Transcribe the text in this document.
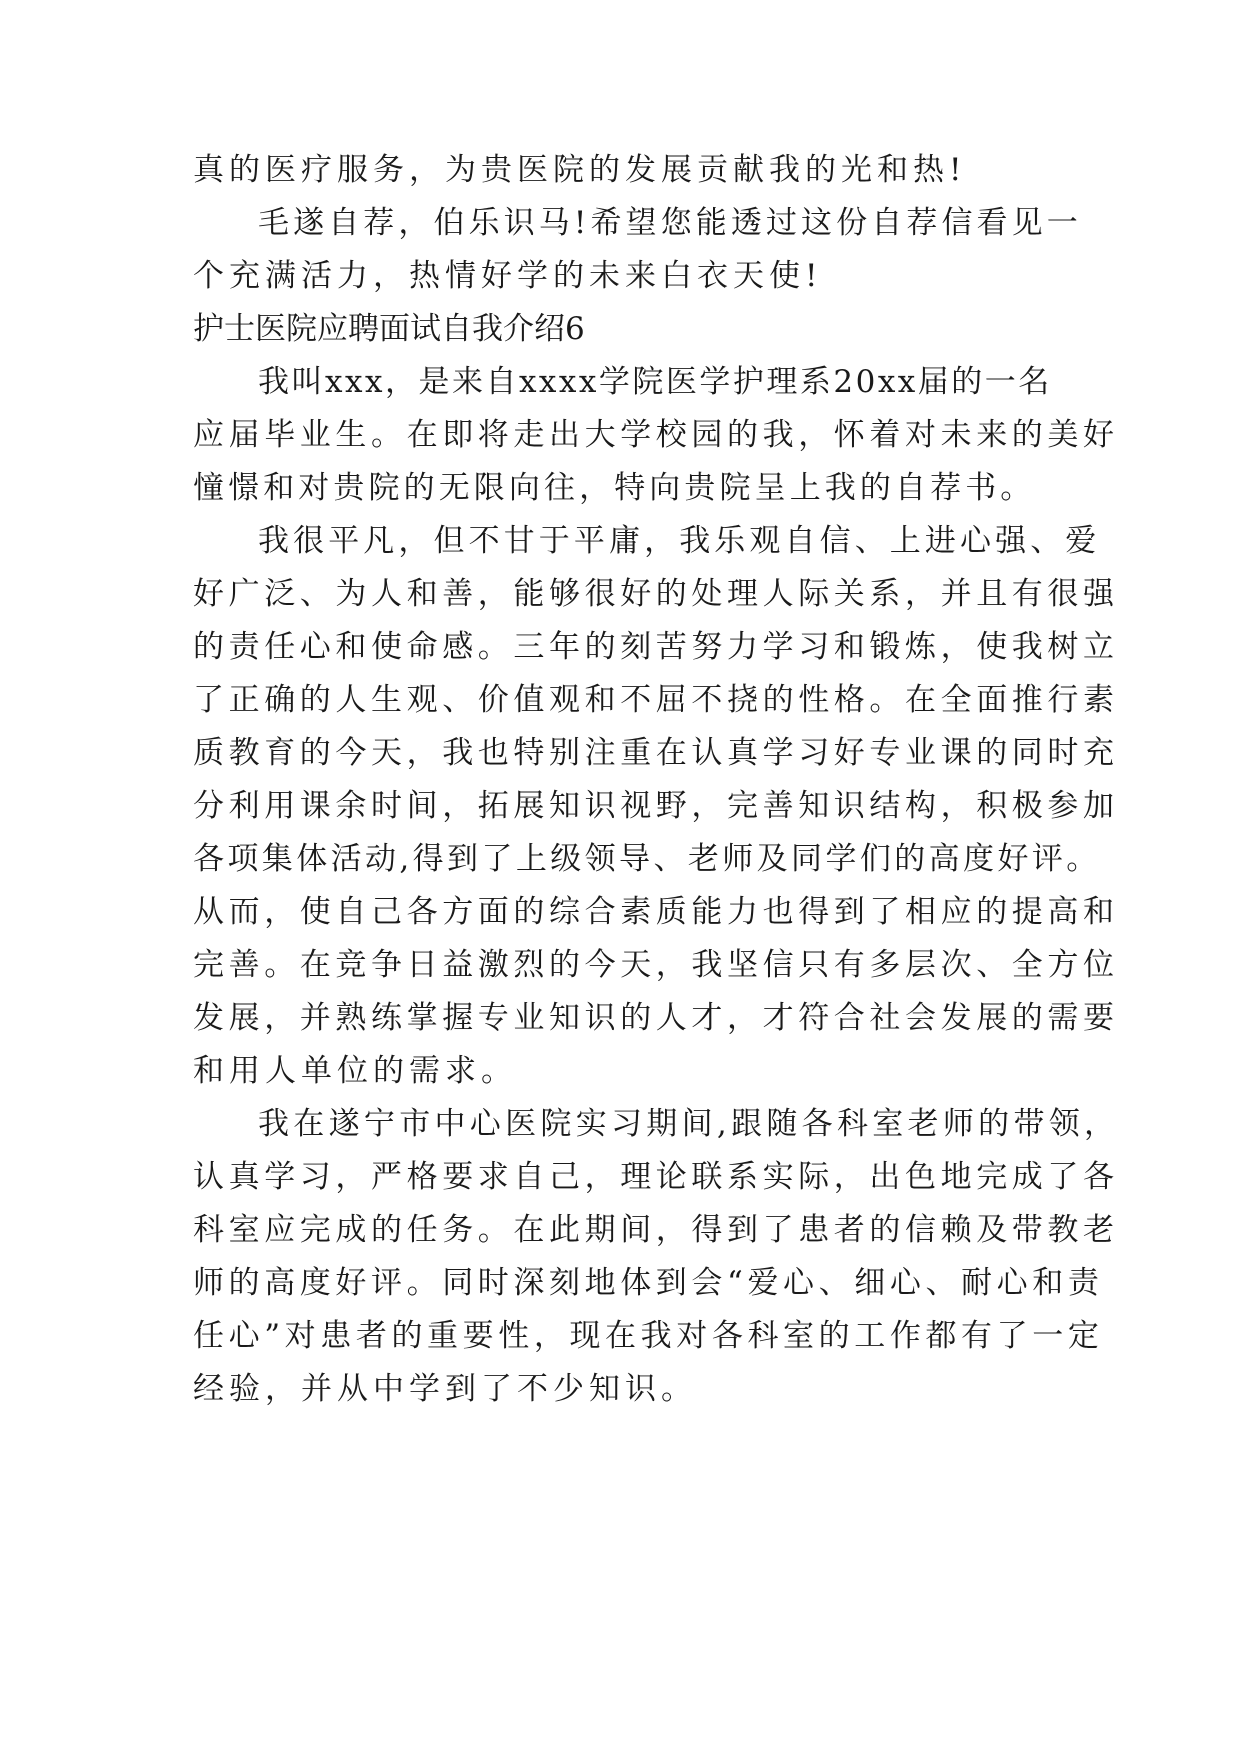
真的医疗服务，为贵医院的发展贡献我的光和热!

毛遂自荐，伯乐识马!希望您能透过这份自荐信看见一

个充满活力，热情好学的未来白衣天使!

护士医院应聘面试自我介绍6

我叫xxx，是来自xxxx学院医学护理系20xx届的一名

应届毕业生。在即将走出大学校园的我，怀着对未来的美好

憧憬和对贵院的无限向往，特向贵院呈上我的自荐书。

我很平凡，但不甘于平庸，我乐观自信、上进心强、爱

好广泛、为人和善，能够很好的处理人际关系，并且有很强

的责任心和使命感。三年的刻苦努力学习和锻炼，使我树立

了正确的人生观、价值观和不屈不挠的性格。在全面推行素

质教育的今天，我也特别注重在认真学习好专业课的同时充

分利用课余时间，拓展知识视野，完善知识结构，积极参加

各项集体活动,得到了上级领导、老师及同学们的高度好评。

从而，使自己各方面的综合素质能力也得到了相应的提高和

完善。在竞争日益激烈的今天，我坚信只有多层次、全方位

发展，并熟练掌握专业知识的人才，才符合社会发展的需要

和用人单位的需求。

我在遂宁市中心医院实习期间,跟随各科室老师的带领，

认真学习，严格要求自己，理论联系实际，出色地完成了各

科室应完成的任务。在此期间，得到了患者的信赖及带教老

师的高度好评。同时深刻地体到会“爱心、细心、耐心和责

任心”对患者的重要性，现在我对各科室的工作都有了一定

经验，并从中学到了不少知识。
